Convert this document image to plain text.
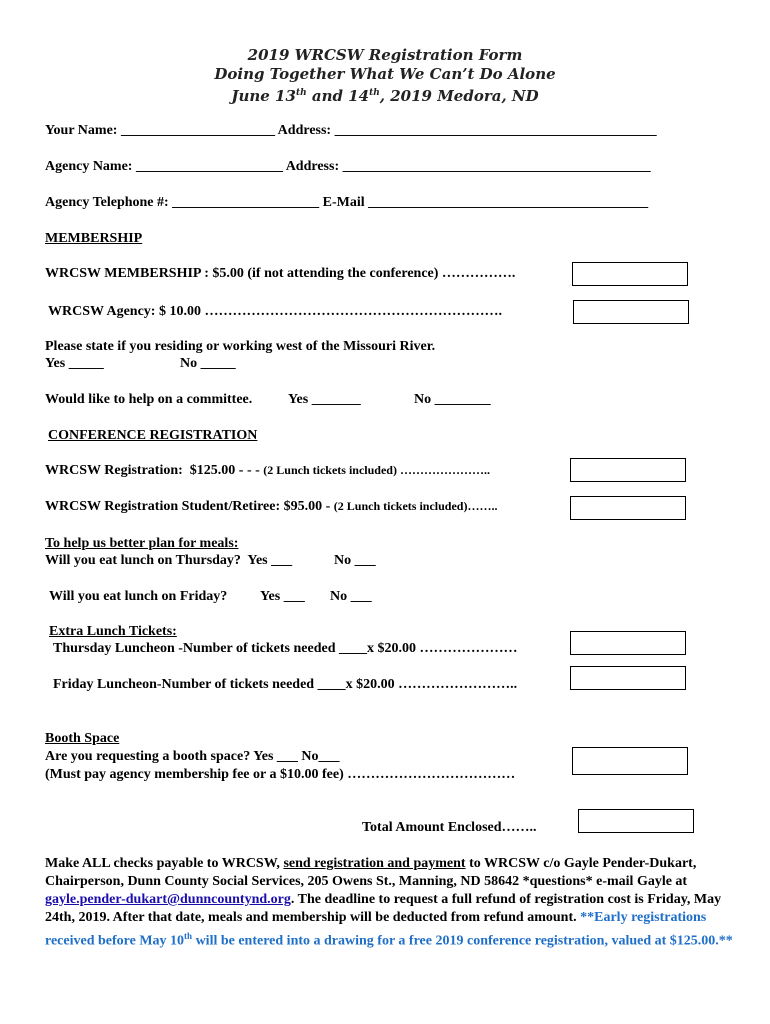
2019 WRCSW Registration Form
Doing Together What We Can’t Do Alone
June 13th and 14th, 2019 Medora, ND
Your Name: ______________________ Address: ______________________________________________
Agency Name: _____________________ Address: ____________________________________________
Agency Telephone #: _____________________ E-Mail ________________________________________
MEMBERSHIP
WRCSW MEMBERSHIP : $5.00 (if not attending the conference) …………….
WRCSW Agency: $ 10.00 ……………………………………………………….
Please state if you residing or working west of the Missouri River.
Yes _____	No _____
Would like to help on a committee.	Yes _______	No ________
CONFERENCE REGISTRATION
WRCSW Registration:  $125.00 - - - (2 Lunch tickets included) …………………..
WRCSW Registration Student/Retiree: $95.00 - (2 Lunch tickets included)……..
To help us better plan for meals:
Will you eat lunch on Thursday?  Yes ___	No ___
Will you eat lunch on Friday? Yes ___ No ___
Extra Lunch Tickets:
Thursday Luncheon -Number of tickets needed ____x $20.00 …………………
Friday Luncheon-Number of tickets needed ____x $20.00 ……………………..
Booth Space
Are you requesting a booth space? Yes ___ No___
(Must pay agency membership fee or a $10.00 fee) ………………………………
Total Amount Enclosed……..
Make ALL checks payable to WRCSW, send registration and payment to WRCSW c/o Gayle Pender-Dukart, Chairperson, Dunn County Social Services, 205 Owens St., Manning, ND 58642 *questions* e-mail Gayle at gayle.pender-dukart@dunncountynd.org. The deadline to request a full refund of registration cost is Friday, May 24th, 2019. After that date, meals and membership will be deducted from refund amount. **Early registrations received before May 10th will be entered into a drawing for a free 2019 conference registration, valued at $125.00.**
